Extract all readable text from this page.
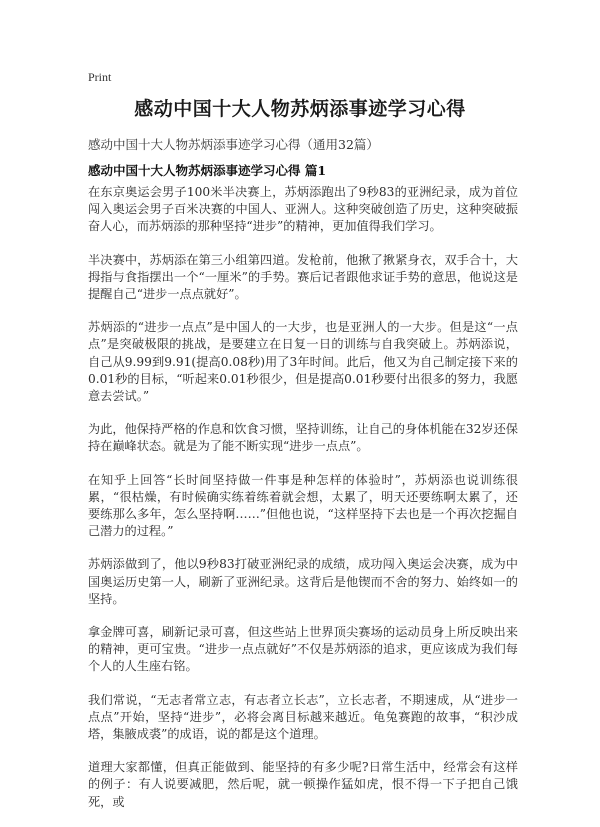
Print
感动中国十大人物苏炳添事迹学习心得
感动中国十大人物苏炳添事迹学习心得（通用32篇）
感动中国十大人物苏炳添事迹学习心得 篇1

在东京奥运会男子100米半决赛上，苏炳添跑出了9秒83的亚洲纪录，成为首位闯入奥运会男子百米决赛的中国人、亚洲人。这种突破创造了历史，这种突破振奋人心，而苏炳添的那种坚持“进步”的精神，更加值得我们学习。

半决赛中，苏炳添在第三小组第四道。发枪前，他揪了揪紧身衣，双手合十，大拇指与食指摆出一个“一厘米”的手势。赛后记者跟他求证手势的意思，他说这是提醒自己“进步一点点就好”。

苏炳添的“进步一点点”是中国人的一大步，也是亚洲人的一大步。但是这“一点点”是突破极限的挑战，是要建立在日复一日的训练与自我突破上。苏炳添说，自己从9.99到9.91(提高0.08秒)用了3年时间。此后，他又为自己制定接下来的0.01秒的目标，“听起来0.01秒很少，但是提高0.01秒要付出很多的努力，我愿意去尝试。”

为此，他保持严格的作息和饮食习惯，坚持训练，让自己的身体机能在32岁还保持在巅峰状态。就是为了能不断实现“进步一点点”。

在知乎上回答“长时间坚持做一件事是种怎样的体验时”，苏炳添也说训练很累，“很枯燥，有时候确实练着练着就会想，太累了，明天还要练啊太累了，还要练那么多年，怎么坚持啊……”但他也说，“这样坚持下去也是一个再次挖掘自己潜力的过程。”

苏炳添做到了，他以9秒83打破亚洲纪录的成绩，成功闯入奥运会决赛，成为中国奥运历史第一人，刷新了亚洲纪录。这背后是他锲而不舍的努力、始终如一的坚持。

拿金牌可喜，刷新记录可喜，但这些站上世界顶尖赛场的运动员身上所反映出来的精神，更可宝贵。“进步一点点就好”不仅是苏炳添的追求，更应该成为我们每个人的人生座右铭。

我们常说，“无志者常立志，有志者立长志”，立长志者，不期速成，从“进步一点点”开始，坚持“进步”，必将会离目标越来越近。龟兔赛跑的故事，“积沙成塔，集腋成裘”的成语，说的都是这个道理。

道理大家都懂，但真正能做到、能坚持的有多少呢?日常生活中，经常会有这样的例子：有人说要减肥，然后呢，就一顿操作猛如虎，恨不得一下子把自己饿死，或
